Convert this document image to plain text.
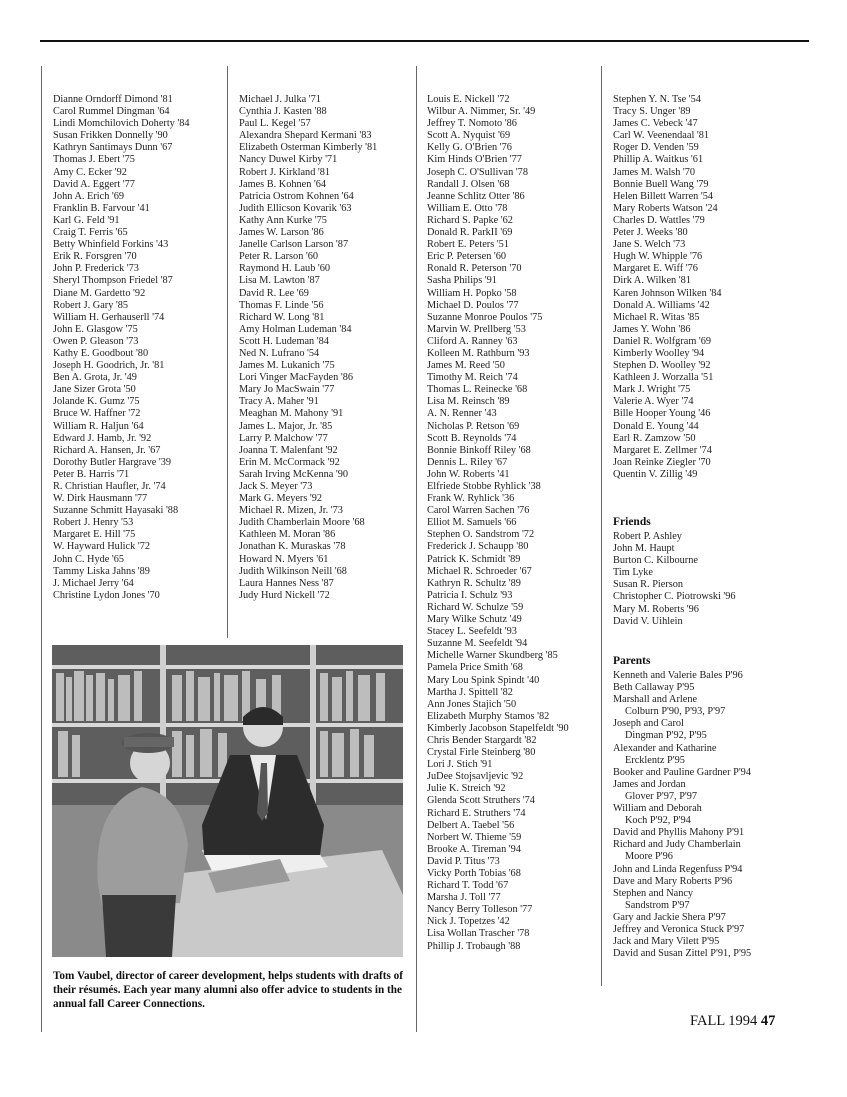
Dianne Orndorff Dimond '81
Carol Rummel Dingman '64
Lindi Momchilovich Doherty '84
Susan Frikken Donnelly '90
Kathryn Santimays Dunn '67
Thomas J. Ebert '75
Amy C. Ecker '92
David A. Eggert '77
John A. Erich '69
Franklin B. Farvour '41
Karl G. Feld '91
Craig T. Ferris '65
Betty Whinfield Forkins '43
Erik R. Forsgren '70
John P. Frederick '73
Sheryl Thompson Friedel '87
Diane M. Gardetto '92
Robert J. Gary '85
William H. Gerhauserll '74
John E. Glasgow '75
Owen P. Gleason '73
Kathy E. Goodbout '80
Joseph H. Goodrich, Jr. '81
Ben A. Grota, Jr. '49
Jane Sizer Grota '50
Jolande K. Gumz '75
Bruce W. Haffner '72
William R. Haljun '64
Edward J. Hamb, Jr. '92
Richard A. Hansen, Jr. '67
Dorothy Butler Hargrave '39
Peter B. Harris '71
R. Christian Haufler, Jr. '74
W. Dirk Hausmann '77
Suzanne Schmitt Hayasaki '88
Robert J. Henry '53
Margaret E. Hill '75
W. Hayward Hulick '72
John C. Hyde '65
Tammy Liska Jahns '89
J. Michael Jerry '64
Christine Lydon Jones '70
Michael J. Julka '71
Cynthia J. Kasten '88
Paul L. Kegel '57
Alexandra Shepard Kermani '83
Elizabeth Osterman Kimberly '81
Nancy Duwel Kirby '71
Robert J. Kirkland '81
James B. Kohnen '64
Patricia Ostrom Kohnen '64
Judith Ellicson Kovarik '63
Kathy Ann Kurke '75
James W. Larson '86
Janelle Carlson Larson '87
Peter R. Larson '60
Raymond H. Laub '60
Lisa M. Lawton '87
David R. Lee '69
Thomas F. Linde '56
Richard W. Long '81
Amy Holman Ludeman '84
Scott H. Ludeman '84
Ned N. Lufrano '54
James M. Lukanich '75
Lori Vinger MacFayden '86
Mary Jo MacSwain '77
Tracy A. Maher '91
Meaghan M. Mahony '91
James L. Major, Jr. '85
Larry P. Malchow '77
Joanna T. Malenfant '92
Erin M. McCormack '92
Sarah Irving McKenna '90
Jack S. Meyer '73
Mark G. Meyers '92
Michael R. Mizen, Jr. '73
Judith Chamberlain Moore '68
Kathleen M. Moran '86
Jonathan K. Muraskas '78
Howard N. Myers '61
Judith Wilkinson Neill '68
Laura Hannes Ness '87
Judy Hurd Nickell '72
Louis E. Nickell '72
Wilbur A. Nimmer, Sr. '49
Jeffrey T. Nomoto '86
Scott A. Nyquist '69
Kelly G. O'Brien '76
Kim Hinds O'Brien '77
Joseph C. O'Sullivan '78
Randall J. Olsen '68
Jeanne Schlitz Otter '86
William E. Otto '78
Richard S. Papke '62
Donald R. ParkII '69
Robert E. Peters '51
Eric P. Petersen '60
Ronald R. Peterson '70
Sasha Philips '91
William H. Popko '58
Michael D. Poulos '77
Suzanne Monroe Poulos '75
Marvin W. Prellberg '53
Cliford A. Ranney '63
Kolleen M. Rathburn '93
James M. Reed '50
Timothy M. Reich '74
Thomas L. Reinecke '68
Lisa M. Reinsch '89
A. N. Renner '43
Nicholas P. Retson '69
Scott B. Reynolds '74
Bonnie Binkoff Riley '68
Dennis L. Riley '67
John W. Roberts '41
Elfriede Stobbe Ryhlick '38
Frank W. Ryhlick '36
Carol Warren Sachen '76
Elliot M. Samuels '66
Stephen O. Sandstrom '72
Frederick J. Schaupp '80
Patrick K. Schmidt '89
Michael R. Schroeder '67
Kathryn R. Schultz '89
Patricia I. Schulz '93
Richard W. Schulze '59
Mary Wilke Schutz '49
Stacey L. Seefeldt '93
Suzanne M. Seefeldt '94
Michelle Warner Skundberg '85
Pamela Price Smith '68
Mary Lou Spink Spindt '40
Martha J. Spittell '82
Ann Jones Stajich '50
Elizabeth Murphy Stamos '82
Kimberly Jacobson Stapelfeldt '90
Chris Bender Stargardt '82
Crystal Firle Steinberg '80
Lori J. Stich '91
JuDee Stojsavljevic '92
Julie K. Streich '92
Glenda Scott Struthers '74
Richard E. Struthers '74
Delbert A. Taebel '56
Norbert W. Thieme '59
Brooke A. Tireman '94
David P. Titus '73
Vicky Porth Tobias '68
Richard T. Todd '67
Marsha J. Toll '77
Nancy Berry Tolleson '77
Nick J. Topetzes '42
Lisa Wollan Trascher '78
Phillip J. Trobaugh '88
Stephen Y. N. Tse '54
Tracy S. Unger '89
James C. Vebeck '47
Carl W. Veenendaal '81
Roger D. Venden '59
Phillip A. Waitkus '61
James M. Walsh '70
Bonnie Buell Wang '79
Helen Billett Warren '54
Mary Roberts Watson '24
Charles D. Wattles '79
Peter J. Weeks '80
Jane S. Welch '73
Hugh W. Whipple '76
Margaret E. Wiff '76
Dirk A. Wilken '81
Karen Johnson Wilken '84
Donald A. Williams '42
Michael R. Witas '85
James Y. Wohn '86
Daniel R. Wolfgram '69
Kimberly Woolley '94
Stephen D. Woolley '92
Kathleen J. Worzalla '51
Mark J. Wright '75
Valerie A. Wyer '74
Bille Hooper Young '46
Donald E. Young '44
Earl R. Zamzow '50
Margaret E. Zellmer '74
Joan Reinke Ziegler '70
Quentin V. Zillig '49
Friends
Robert P. Ashley
John M. Haupt
Burton C. Kilbourne
Tim Lyke
Susan R. Pierson
Christopher C. Piotrowski '96
Mary M. Roberts '96
David V. Uihlein
Parents
Kenneth and Valerie Bales P'96
Beth Callaway P'95
Marshall and Arlene
Colburn P'90, P'93, P'97
Joseph and Carol
Dingman P'92, P'95
Alexander and Katharine
Ercklentz P'95
Booker and Pauline Gardner P'94
James and Jordan
Glover P'97, P'97
William and Deborah
Koch P'92, P'94
David and Phyllis Mahony P'91
Richard and Judy Chamberlain
Moore P'96
John and Linda Regenfuss P'94
Dave and Mary Roberts P'96
Stephen and Nancy
Sandstrom P'97
Gary and Jackie Shera P'97
Jeffrey and Veronica Stuck P'97
Jack and Mary Vilett P'95
David and Susan Zittel P'91, P'95
Tom Vaubel, director of career development, helps students with drafts of their résumés. Each year many alumni also offer advice to students in the annual fall Career Connections.
FALL 1994 47
